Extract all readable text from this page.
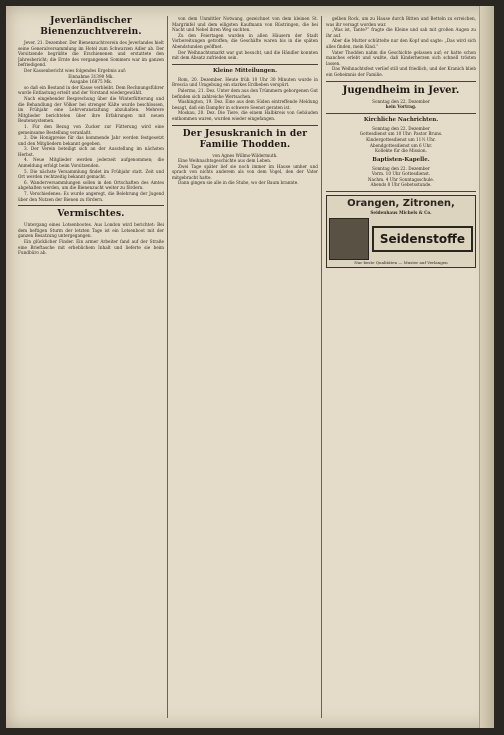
Jeverländischer Bienenzuchtverein.

Jever, 21. Dezember. Der Bienenzuchtverein des Jeverlandes hielt seine Generalversammlung im Hotel zum Schwarzen Adler ab. Der Vorsitzende begrüßte die Erschienenen und erstattete den Jahresbericht; die Ernte des vergangenen Sommers war im ganzen befriedigend.

Der Kassenbericht wies folgendes Ergebnis auf:

Einnahme 31390 Mk.
Ausgabe 16875 Mk.

so daß ein Bestand in der Kasse verbleibt. Dem Rechnungsführer wurde Entlastung erteilt und der Vorstand wiedergewählt.

Nach eingehender Besprechung über die Winterfütterung und die Behandlung der Völker bei strenger Kälte wurde beschlossen, im Frühjahr eine Lehrveranstaltung abzuhalten. Mehrere Mitglieder berichteten über ihre Erfahrungen mit neuen Beutensystemen.

1. Für den Bezug von Zucker zur Fütterung wird eine gemeinsame Bestellung veranlaßt.

2. Die Honigpreise für das kommende Jahr werden festgesetzt und den Mitgliedern bekannt gegeben.

3. Der Verein beteiligt sich an der Ausstellung im nächsten Herbst.

4. Neue Mitglieder werden jederzeit aufgenommen; die Anmeldung erfolgt beim Vorsitzenden.

5. Die nächste Versammlung findet im Frühjahr statt. Zeit und Ort werden rechtzeitig bekannt gemacht.

6. Wanderversammlungen sollen in den Ortschaften des Amtes abgehalten werden, um die Bienenzucht weiter zu fördern.

7. Verschiedenes: Es wurde angeregt, die Belehrung der Jugend über den Nutzen der Bienen zu fördern.

Vermischtes.

Untergang eines Lotsenbootes. Aus London wird berichtet: Bei dem heftigen Sturm der letzten Tage ist ein Lotsenboot mit der ganzen Besatzung untergegangen.

Ein glücklicher Finder. Ein armer Arbeiter fand auf der Straße eine Brieftasche mit erheblichem Inhalt und lieferte sie beim Fundbüro ab.

von dem Unmittler Notwang, gezeichnet von dem kleinen St. Margrinfel und dem eiligsten Kaufmann von Rüstringen, die bei Nacht und Nebel ihren Weg suchten.

Zu den Feiertagen wurden in allen Häusern der Stadt Vorbereitungen getroffen; die Geschäfte waren bis in die späten Abendstunden geöffnet.

Der Weihnachtsmarkt war gut besucht, und die Händler konnten mit dem Absatz zufrieden sein.

Kleine Mitteilungen.

Rom, 20. Dezember. Heute früh 10 Uhr 30 Minuten wurde in Brescia und Umgebung ein starkes Erdbeben verspürt.

Palermo, 21. Dez. Unter dem aus den Trümmern geborgenen Gut befinden sich zahlreiche Wertsachen.

Washington, 19. Dez. Eine aus dem Süden eintreffende Meldung besagt, daß ein Dampfer in schwere Seenot geraten ist.

Moskau, 20. Dez. Die Tiere, die einem Halbkreis von Gebäuden entkommen waren, wurden wieder eingefangen.

Der Jesuskranich in der Familie Thodden.
von Agnes Willms-Wildermuth.

Eine Weihnachtsgeschichte aus dem Leben.

Zwei Tage später lief sie noch immer im Hause umher und sprach von nichts anderem als von dem Vogel, den der Vater mitgebracht hatte.

Dann gingen sie alle in die Stube, wo der Baum brannte.

gelben Rock, um zu Hause durch Bitten und Betteln zu erreichen, was ihr versagt worden war.

„Was ist, Tante?“ fragte die Kleine und sah mit großen Augen zu ihr auf.

Aber die Mutter schüttelte nur den Kopf und sagte: „Das wird sich alles finden, mein Kind.“

Vater Thodden nahm die Geschichte gelassen auf; er hatte schon manches erlebt und wußte, daß Kinderherzen sich schnell trösten lassen.

Das Weihnachtsfest verlief still und friedlich, und der Kranich blieb ein Geheimnis der Familie.

Jugendheim in Jever.
Sonntag den 22. Dezember
kein Vortrag.
Kirchliche Nachrichten.
Sonntag den 22. Dezember
Gottesdienst um 10 Uhr: Pastor Bruns.
Kindergottesdienst um 11½ Uhr.
Abendgottesdienst um 6 Uhr.
Kollekte für die Mission.
Baptisten-Kapelle.
Sonntag den 22. Dezember
Vorm. 10 Uhr Gottesdienst.
Nachm. 4 Uhr Sonntagsschule.
Abends 8 Uhr Gebetsstunde.
Orangen, Zitronen,
Seidenhaus Michels & Co.
Seidenstoffe
Nur beste Qualitäten — Muster auf Verlangen
